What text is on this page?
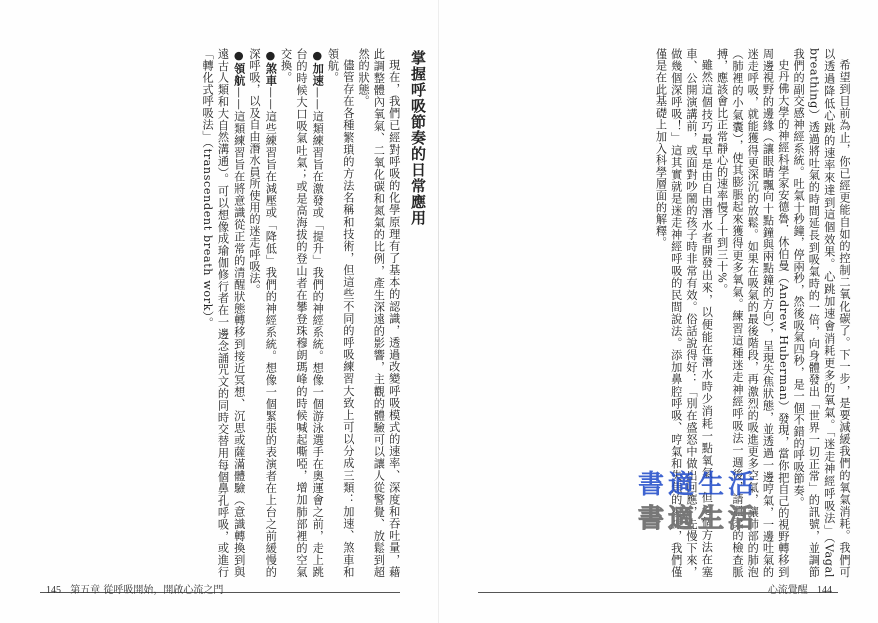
掌握呼吸節奏的日常應用

現在，我們已經對呼吸的化學原理有了基本的認識，透過改變呼吸模式的速率、深度和吞吐量，藉此調整體內氧氣、二氧化碳和氮氣的比例，產生深遠的影響，主觀的體驗可以讓人從警覺、放鬆到超然的狀態。

儘管存在各種繁瑣的方法名稱和技術，但這些不同的呼吸練習大致上可以分成三類：加速、煞車和領航。

●加速——這類練習旨在激發或「提升」我們的神經系統。想像一個游泳選手在奧運會之前，走上跳台的時候大口吸氣吐氣；或是高海拔的登山者在攀登珠穆朗瑪峰的時候喊起嘶啞，增加肺部裡的空氣交換。

●煞車——這些練習旨在減壓或「降低」我們的神經系統。想像一個緊張的表演者在上台之前緩慢的深呼吸，以及自由潛水員所使用的迷走呼吸法。

●領航——這類練習旨在將意識從正常的清醒狀態轉移到接近冥想、沉思或薩滿體驗（意識轉換到與遠古人類和大自然溝通）。可以想像成瑜伽修行者在一邊念誦咒文的同時交替用每個鼻孔呼吸，或進行「轉化式呼吸法」（transcendent breath work）。

145 第五章 從呼吸開始，開啟心流之門

希望到目前為止，你已經更能自如的控制二氧化碳了。下一步，是要減緩我們的氧氣消耗。我們可以透過降低心跳的速率來達到這個效果。心跳加速會消耗更多的氧氣。「迷走神經呼吸法」（Vagal breathing）透過將吐氣的時間延長到吸氣時的一倍，向身體發出「世界一切正常」的訊號，並調節我們的副交感神經系統。吐氣十秒鐘，停兩秒，然後吸氣四秒，是一個不錯的呼吸節奏。

史丹佛大學的神經科學家安德魯．休伯曼（Andrew Huberman）發現，當你把自己的視野轉移到周邊視野的邊緣（讓眼睛飄向十點鐘與兩點鐘的方向），呈現失焦狀態，並透過一邊哼氣，一邊吐氣的迷走呼吸，就能獲得更深沉的放鬆。如果在吸氣的最後階段，再激烈的吸進更多空氣，讓肺部的肺泡（肺裡的小氣囊），使其膨脹起來獲得更多氧氣。練習這種迷走神經呼吸法一週後，請溫柔的檢查脈搏，應該會比正常靜心的速率慢了十到三十%。

雖然這個技巧最早是由自由潛水者開發出來，以便能在潛水時少消耗一點氧氣，但這個方法在塞車、公開演講前，或面對吵鬧的孩子時非常有效。俗話說得好：「別在盛怒中做出回應，先慢下來，做幾個深呼吸！」這其實就是迷走神經呼吸的民間說法。添加鼻腔呼吸、哼氣和失焦的視線，我們僅僅是在此基礎上加入科學層面的解釋。

心流覺醒 144
書適生活
